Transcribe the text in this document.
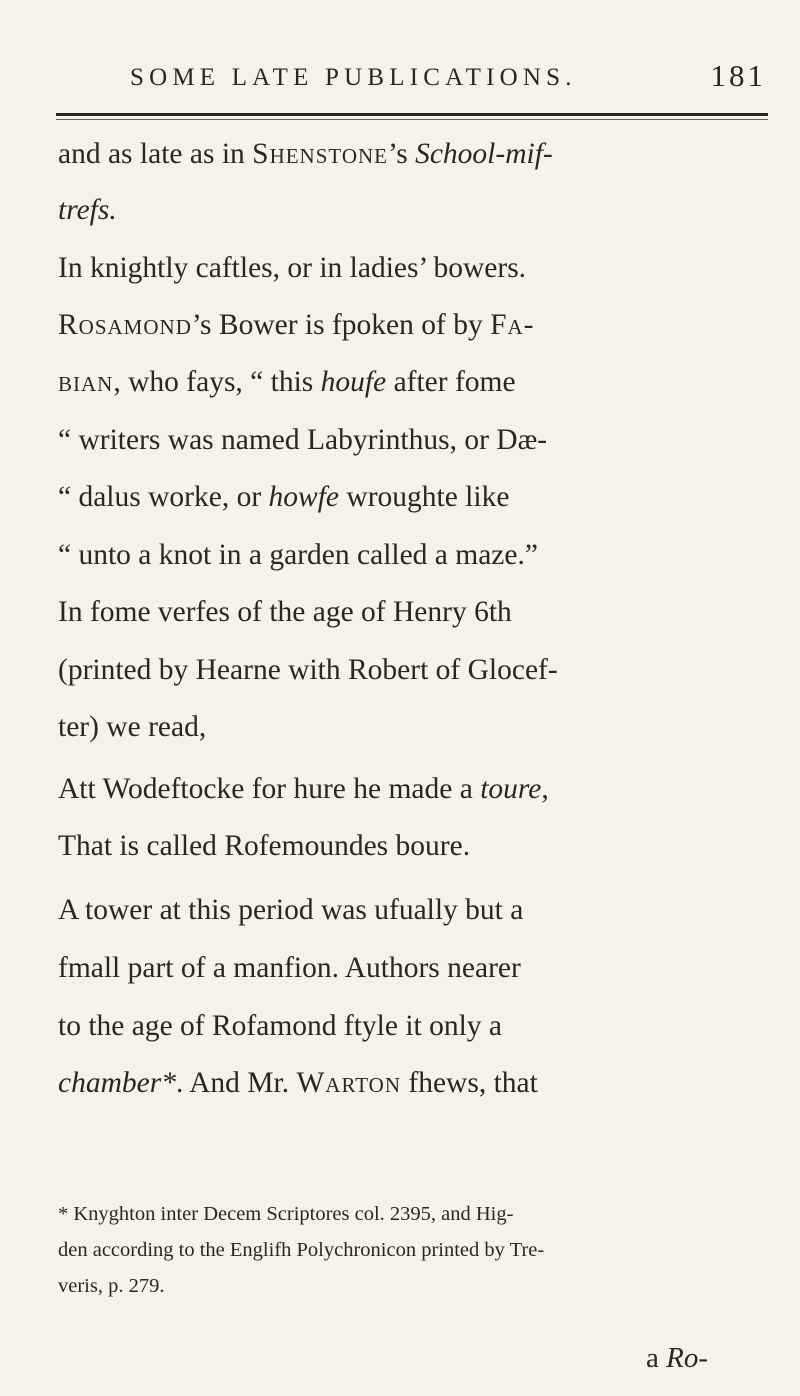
SOME LATE PUBLICATIONS.	181
and as late as in Shenstone’s School-mif-
trefs.
In knightly caftles, or in ladies’ bowers.
Rosamond’s Bower is fpoken of by Fa-
bian, who fays, “ this houfe after fome
“ writers was named Labyrinthus, or Dæ-
“ dalus worke, or howfe wroughte like
“ unto a knot in a garden called a maze.”
In fome verfes of the age of Henry 6th
(printed by Hearne with Robert of Glocef-
ter) we read,
Att Wodeftocke for hure he made a toure,
That is called Rofemoundes boure.
A tower at this period was ufually but a
fmall part of a manfion. Authors nearer
to the age of Rofamond ftyle it only a
chamber*. And Mr. Warton fhews, that
* Knyghton inter Decem Scriptores col. 2395, and Hig-
den according to the Englifh Polychronicon printed by Tre-
veris, p. 279.
a Ro-
